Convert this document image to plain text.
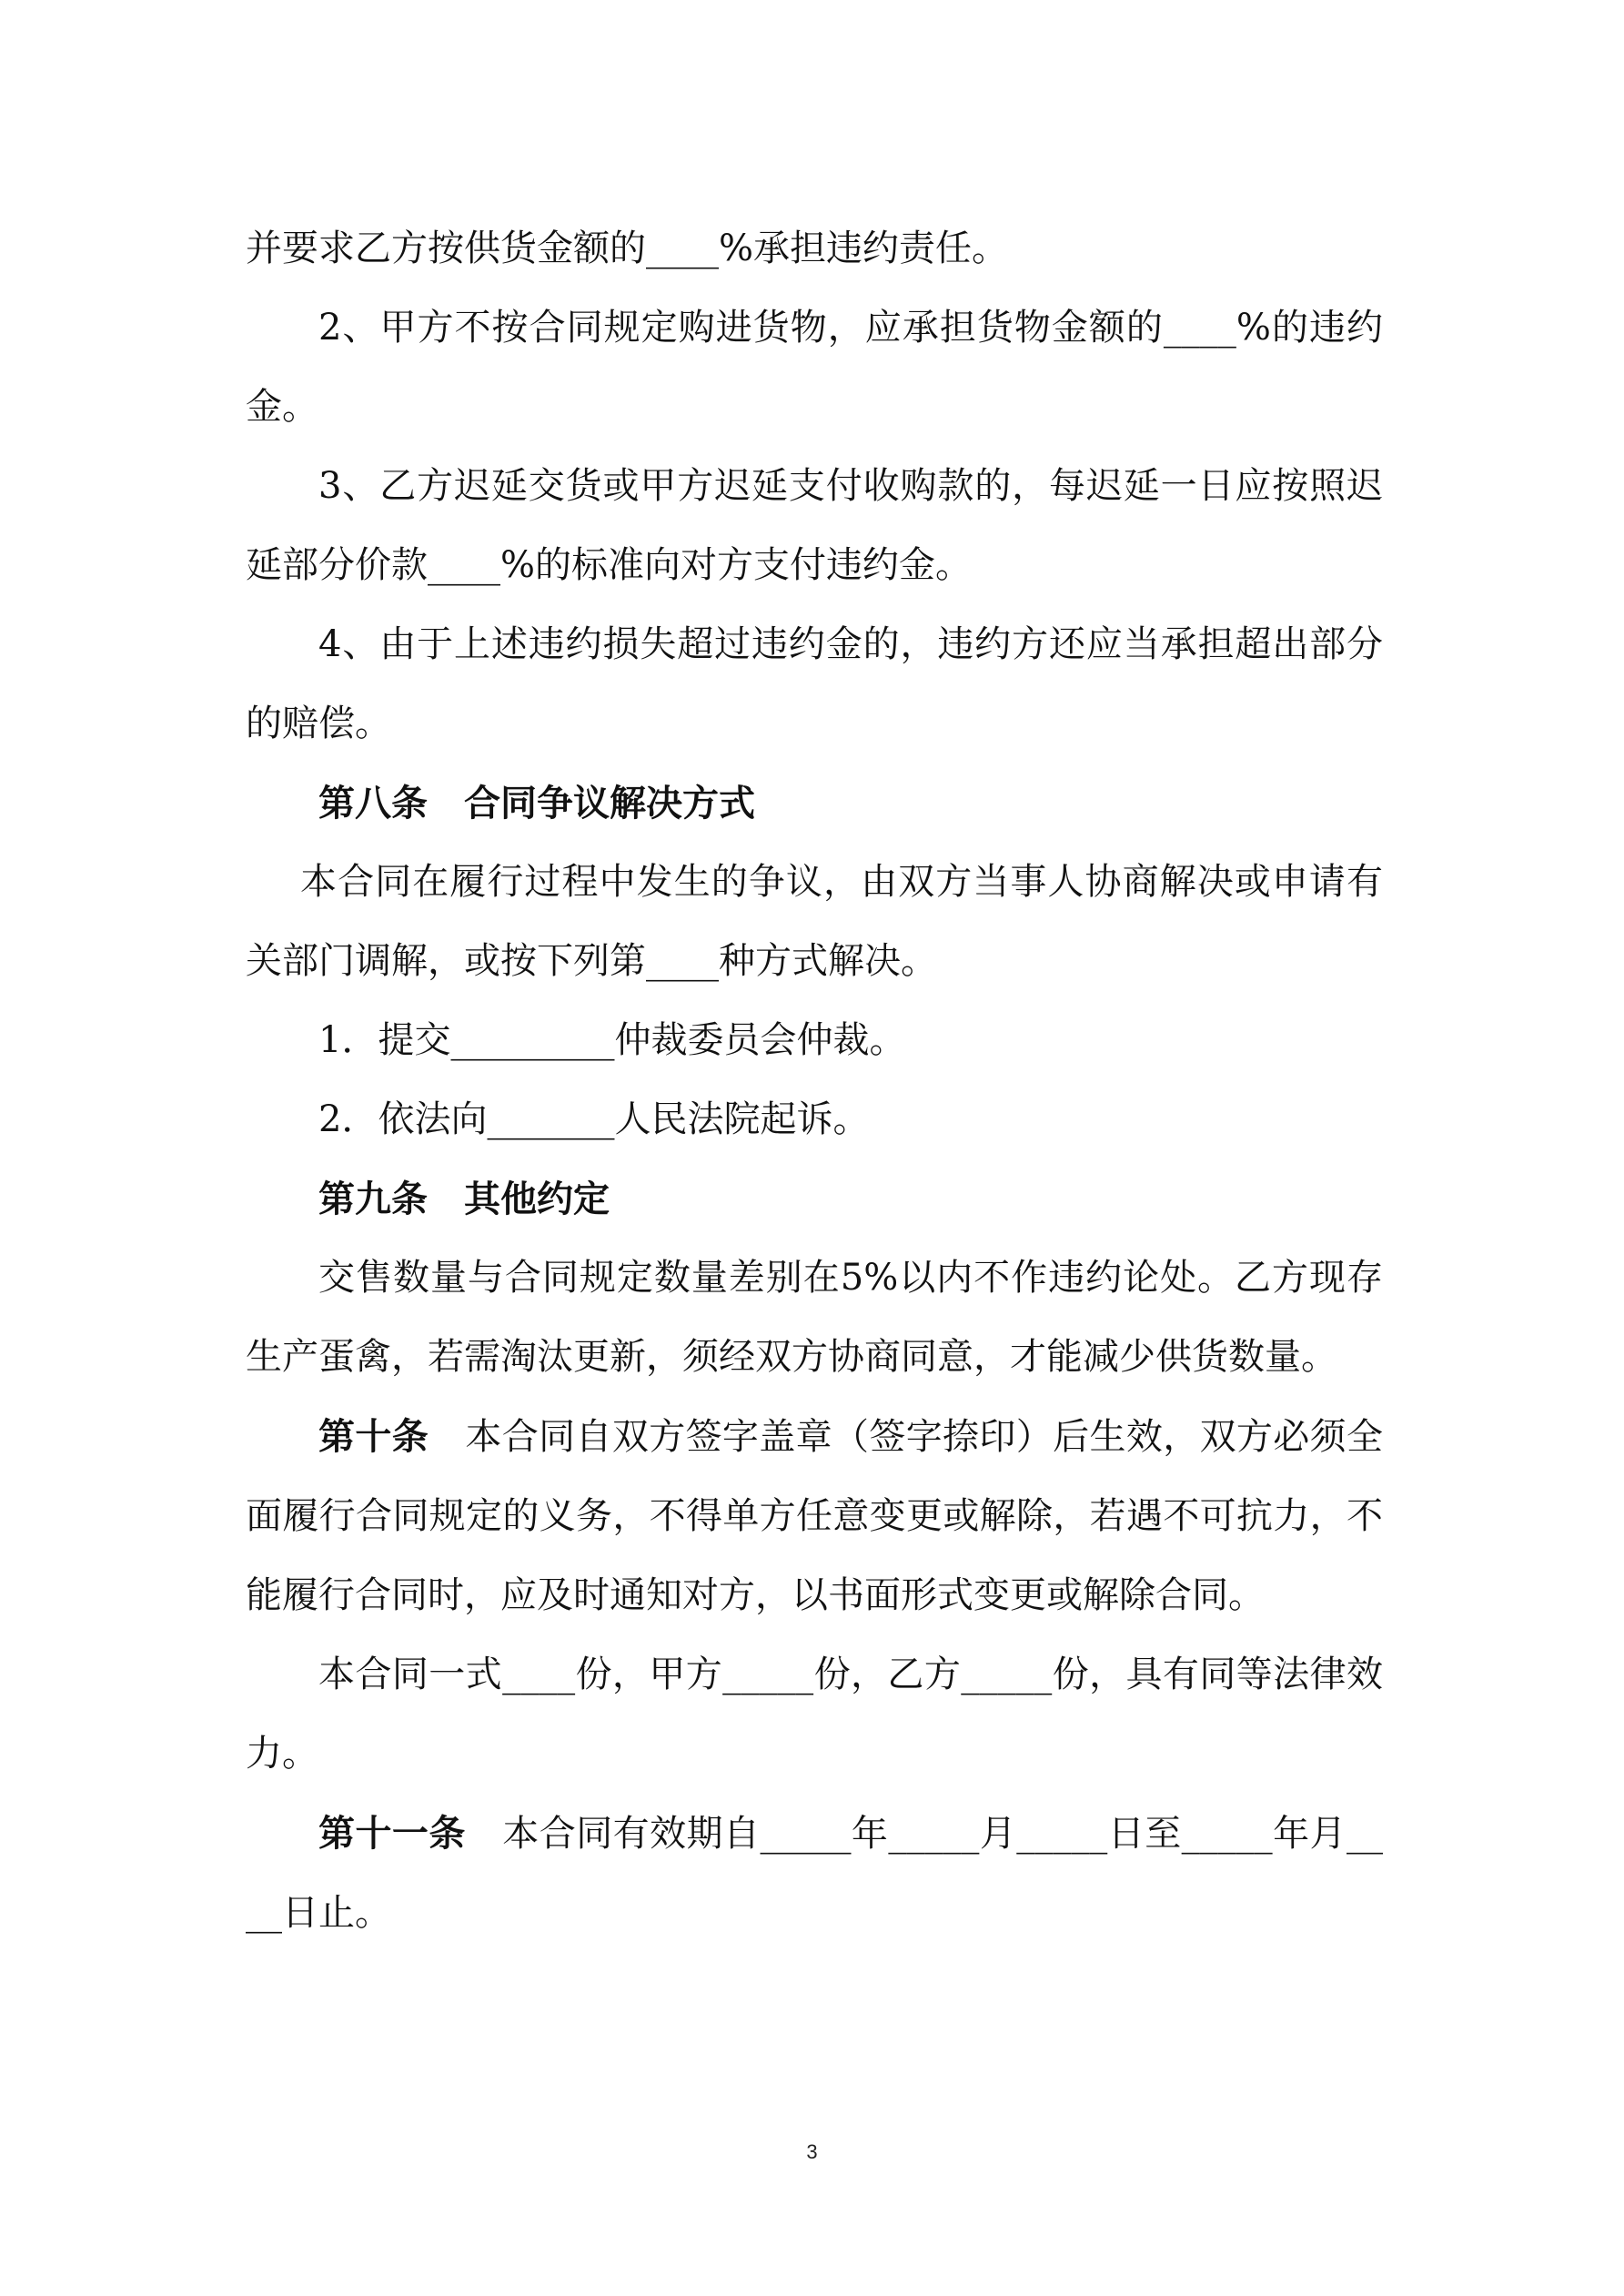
并要求乙方按供货金额的____%承担违约责任。

2、甲方不按合同规定购进货物，应承担货物金额的____%的违约金。

3、乙方迟延交货或甲方迟延支付收购款的，每迟延一日应按照迟延部分价款____%的标准向对方支付违约金。

4、由于上述违约损失超过违约金的，违约方还应当承担超出部分的赔偿。

第八条　合同争议解决方式

本合同在履行过程中发生的争议，由双方当事人协商解决或申请有关部门调解，或按下列第____种方式解决。

1．提交_________仲裁委员会仲裁。

2．依法向_______人民法院起诉。

第九条　其他约定

交售数量与合同规定数量差别在5%以内不作违约论处。乙方现存生产蛋禽，若需淘汰更新，须经双方协商同意，才能减少供货数量。

第十条　本合同自双方签字盖章（签字捺印）后生效，双方必须全面履行合同规定的义务，不得单方任意变更或解除，若遇不可抗力，不能履行合同时，应及时通知对方，以书面形式变更或解除合同。

本合同一式____份，甲方_____份，乙方_____份，具有同等法律效力。

第十一条　本合同有效期自_____年_____月_____日至_____年月____日止。

3
